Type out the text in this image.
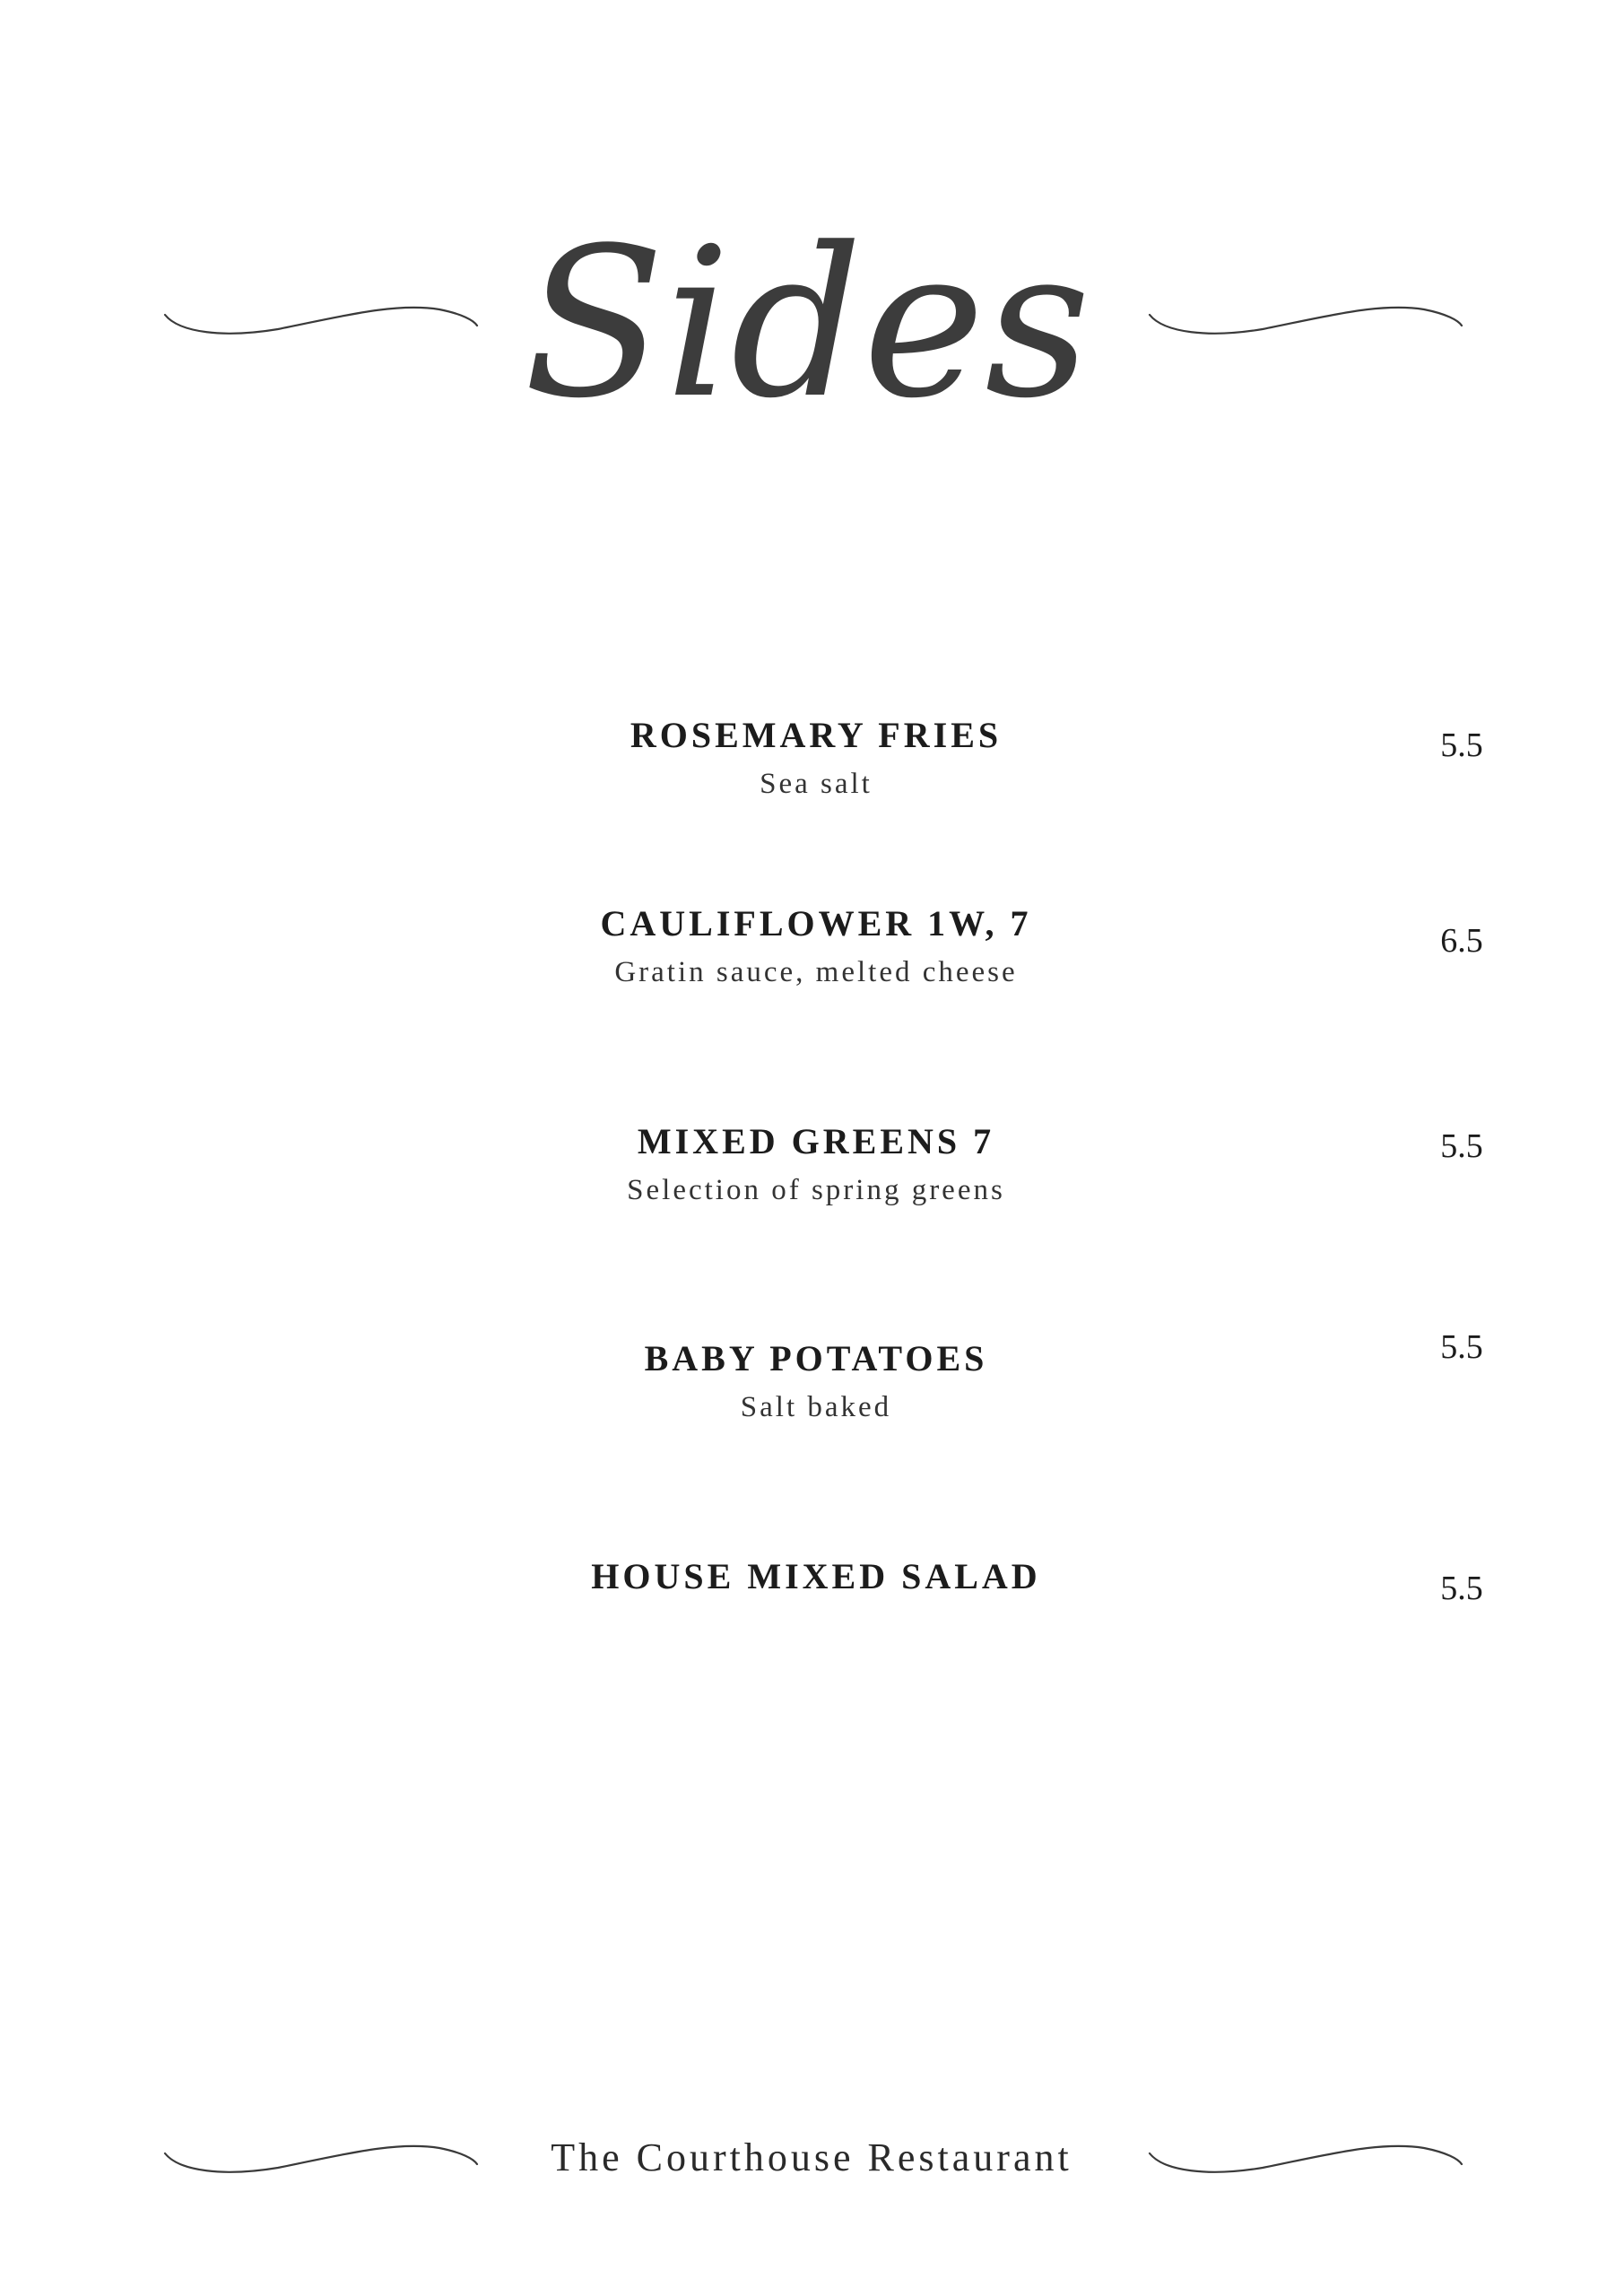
Sides
ROSEMARY FRIES
Sea salt
5.5
CAULIFLOWER 1W, 7
Gratin sauce, melted cheese
6.5
MIXED GREENS 7
Selection of spring greens
5.5
BABY POTATOES
Salt baked
5.5
HOUSE MIXED SALAD	5.5
The Courthouse Restaurant
